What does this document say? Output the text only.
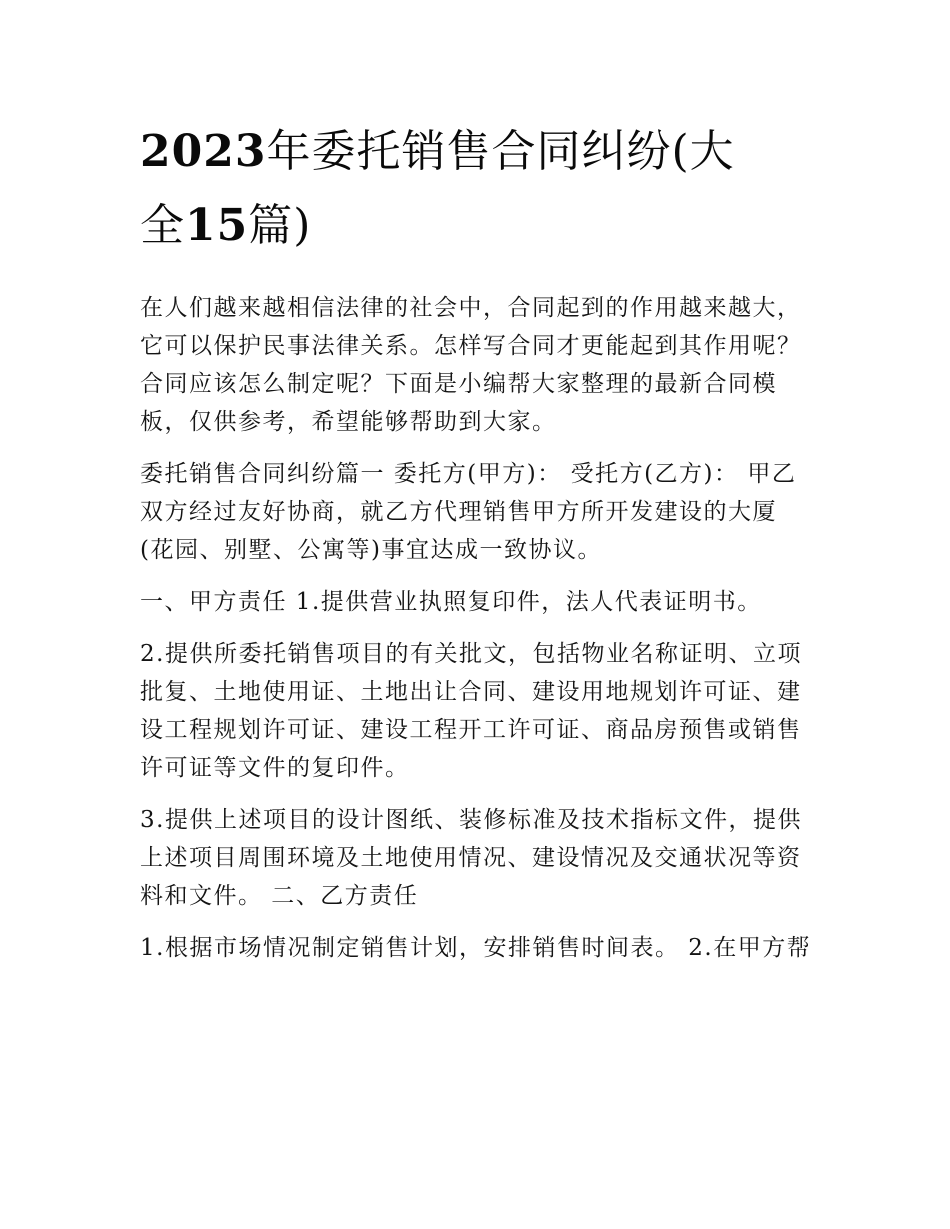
2023年委托销售合同纠纷(大
全15篇)

在人们越来越相信法律的社会中，合同起到的作用越来越大，
它可以保护民事法律关系。怎样写合同才更能起到其作用呢？
合同应该怎么制定呢？下面是小编帮大家整理的最新合同模
板，仅供参考，希望能够帮助到大家。

委托销售合同纠纷篇一 委托方(甲方)： 受托方(乙方)： 甲乙
双方经过友好协商，就乙方代理销售甲方所开发建设的大厦
(花园、别墅、公寓等)事宜达成一致协议。

一、甲方责任 1.提供营业执照复印件，法人代表证明书。

2.提供所委托销售项目的有关批文，包括物业名称证明、立项
批复、土地使用证、土地出让合同、建设用地规划许可证、建
设工程规划许可证、建设工程开工许可证、商品房预售或销售
许可证等文件的复印件。

3.提供上述项目的设计图纸、装修标准及技术指标文件，提供
上述项目周围环境及土地使用情况、建设情况及交通状况等资
料和文件。 二、乙方责任

1.根据市场情况制定销售计划，安排销售时间表。 2.在甲方帮
